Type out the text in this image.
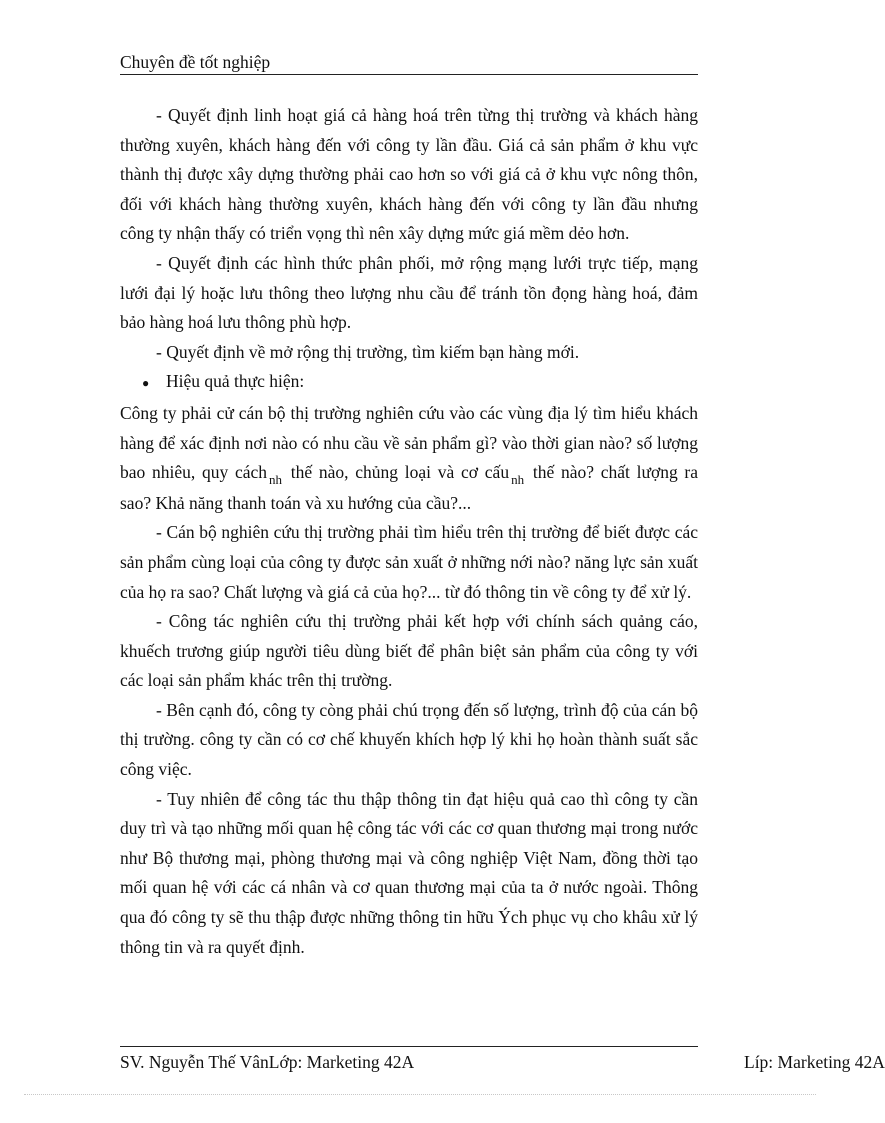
Chuyên đề tốt nghiệp

- Quyết định linh hoạt giá cả hàng hoá trên từng thị trường và khách hàng thường xuyên, khách hàng đến với công ty lần đầu. Giá cả sản phẩm ở khu vực thành thị được xây dựng thường phải cao hơn so với giá cả ở khu vực nông thôn, đối với khách hàng thường xuyên, khách hàng đến với công ty lần đầu nhưng công ty nhận thấy có triển vọng thì nên xây dựng mức giá mềm dẻo hơn.

- Quyết định các hình thức phân phối, mở rộng mạng lưới trực tiếp, mạng lưới đại lý hoặc lưu thông theo lượng nhu cầu để tránh tồn đọng hàng hoá, đảm bảo hàng hoá lưu thông phù hợp.

- Quyết định về mở rộng thị trường, tìm kiếm bạn hàng mới.

● Hiệu quả thực hiện:

Công ty phải cử cán bộ thị trường nghiên cứu vào các vùng địa lý tìm hiểu khách hàng để xác định nơi nào có nhu cầu về sản phẩm gì? vào thời gian nào? số lượng bao nhiêu, quy cách $_{nh}$ thế nào, chủng loại và cơ cấu $_{nh}$ thế nào? chất lượng ra sao? Khả năng thanh toán và xu hướng của cầu?...

- Cán bộ nghiên cứu thị trường phải tìm hiểu trên thị trường để biết được các sản phẩm cùng loại của công ty được sản xuất ở những nới nào? năng lực sản xuất của họ ra sao? Chất lượng và giá cả của họ?... từ đó thông tin về công ty để xử lý.

- Công tác nghiên cứu thị trường phải kết hợp với chính sách quảng cáo, khuếch trương giúp người tiêu dùng biết để phân biệt sản phẩm của công ty với các loại sản phẩm khác trên thị trường.

- Bên cạnh đó, công ty còng phải chú trọng đến số lượng, trình độ của cán bộ thị trường. công ty cần có cơ chế khuyến khích hợp lý khi họ hoàn thành suất sắc công việc.

- Tuy nhiên để công tác thu thập thông tin đạt hiệu quả cao thì công ty cần duy trì và tạo những mối quan hệ công tác với các cơ quan thương mại trong nước như Bộ thương mại, phòng thương mại và công nghiệp Việt Nam, đồng thời tạo mối quan hệ với các cá nhân và cơ quan thương mại của ta ở nước ngoài. Thông qua đó công ty sẽ thu thập được những thông tin hữu Ých phục vụ cho khâu xử lý thông tin và ra quyết định.

SV. Nguyễn Thế VânLớp: Marketing 42A	Líp: Marketing 42A
